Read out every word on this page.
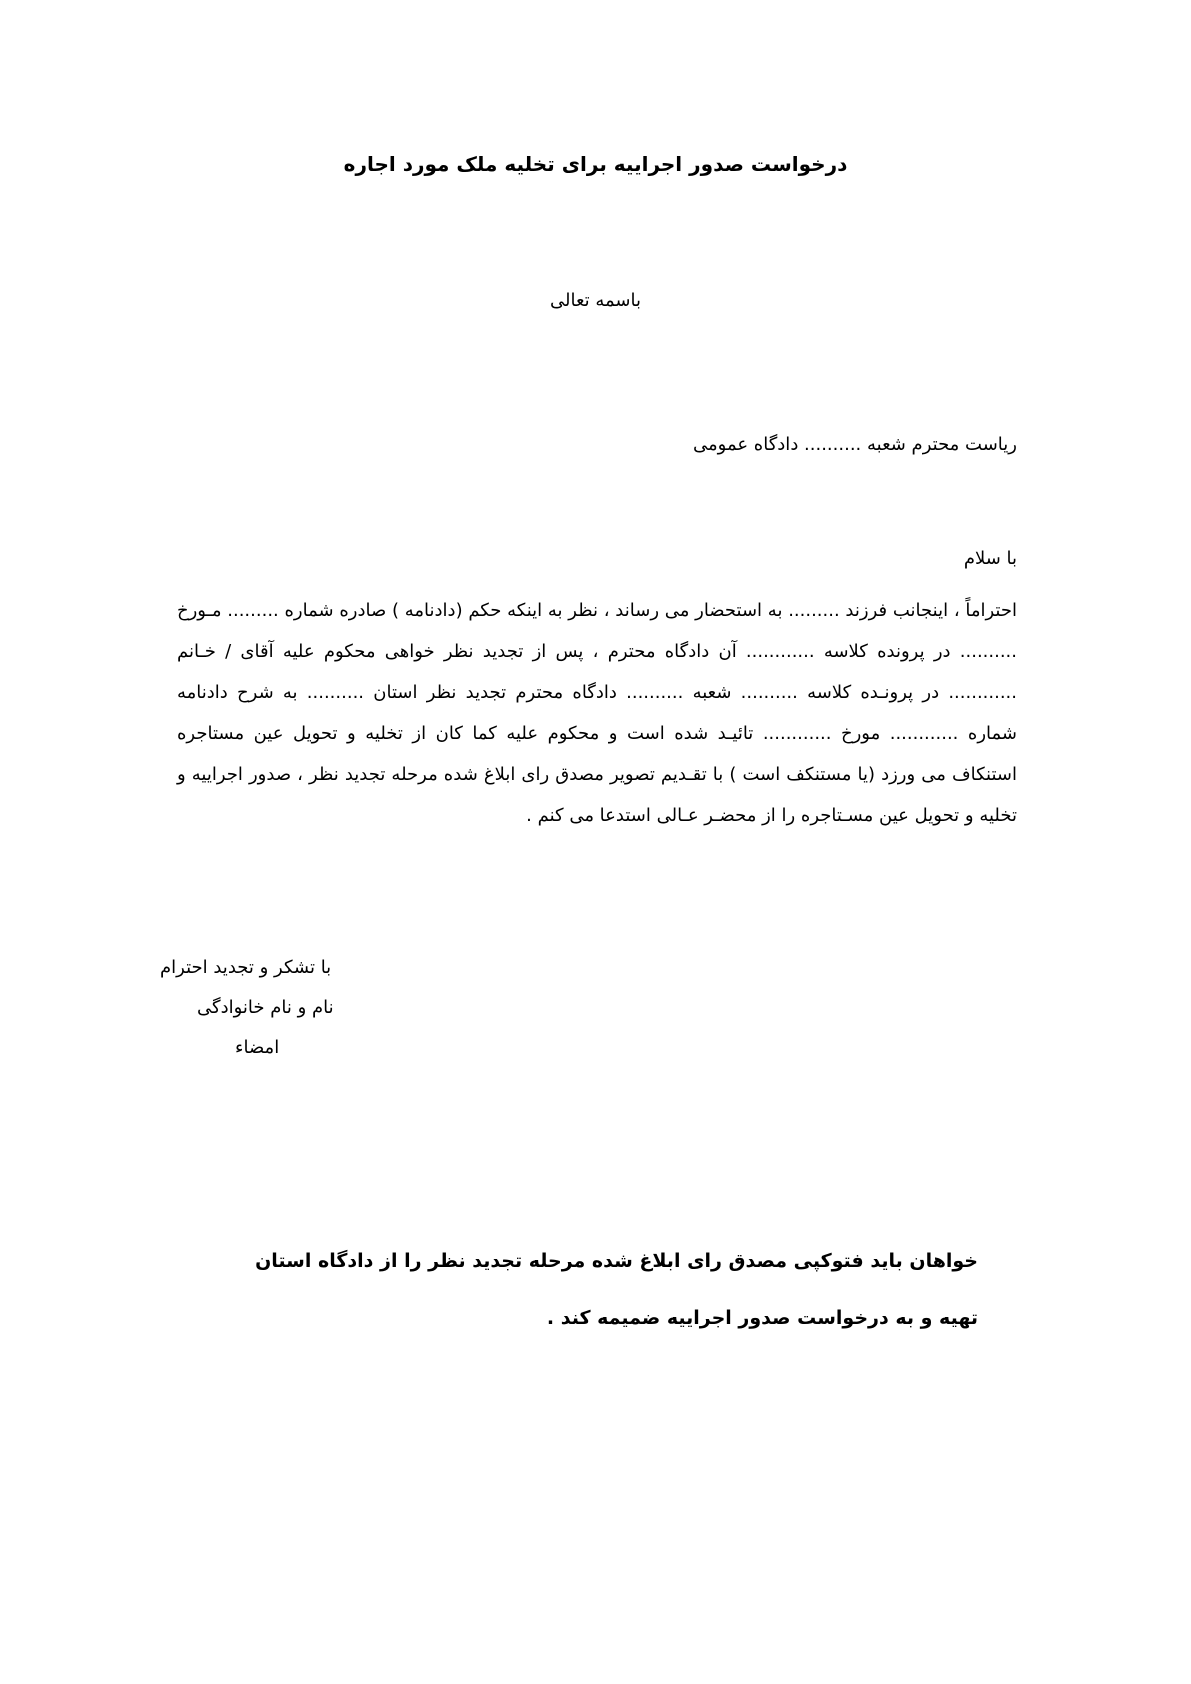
درخواست صدور اجراییه برای تخلیه ملک مورد اجاره
باسمه تعالی
ریاست محترم شعبه .......... دادگاه عمومی
با سلام
احتراماً ، اینجانب فرزند ......... به استحضار می رساند ، نظر به اینکه حکم (دادنامه ) صادره شماره ......... مـورخ .......... در پرونده کلاسه ............ آن دادگاه محترم ، پس از تجدید نظر خواهی محکوم علیه آقای / خـانم ............ در پرونـده کلاسه .......... شعبه .......... دادگاه محترم تجدید نظر استان .......... به شرح دادنامه شماره ............ مورخ ............ تائیـد شده است و محکوم علیه کما کان از تخلیه و تحویل عین مستاجره استنکاف می ورزد (یا مستنکف است ) با تقـدیم تصویر مصدق رای ابلاغ شده مرحله تجدید نظر ، صدور اجراییه و تخلیه و تحویل عین مسـتاجره را از محضـر عـالی استدعا می کنم .
با تشکر و تجدید احترام
نام و نام خانوادگی
امضاء
خواهان باید فتوکپی مصدق رای ابلاغ شده مرحله تجدید نظر را از دادگاه استان تهیه و به درخواست صدور اجراییه ضمیمه کند .
